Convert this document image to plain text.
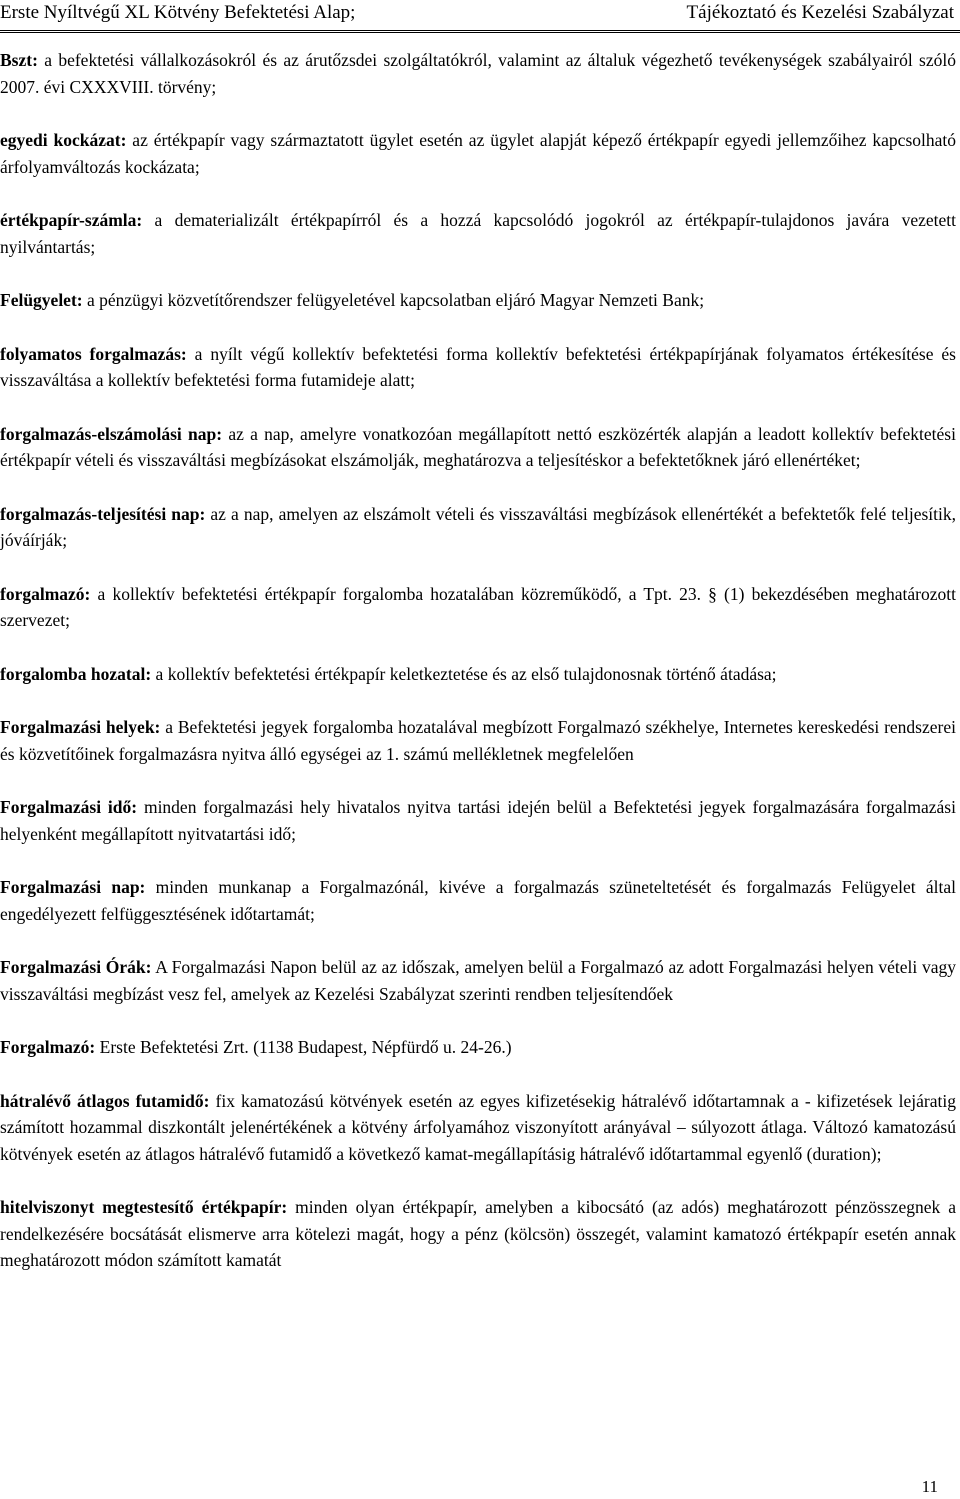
Erste Nyíltvégű XL Kötvény Befektetési Alap;	Tájékoztató és Kezelési Szabályzat

Bszt: a befektetési vállalkozásokról és az árutőzsdei szolgáltatókról, valamint az általuk végezhető tevékenységek szabályairól szóló 2007. évi CXXXVIII. törvény;

egyedi kockázat: az értékpapír vagy származtatott ügylet esetén az ügylet alapját képező értékpapír egyedi jellemzőihez kapcsolható árfolyamváltozás kockázata;

értékpapír-számla: a dematerializált értékpapírról és a hozzá kapcsolódó jogokról az értékpapír-tulajdonos javára vezetett nyilvántartás;

Felügyelet: a pénzügyi közvetítőrendszer felügyeletével kapcsolatban eljáró Magyar Nemzeti Bank;

folyamatos forgalmazás: a nyílt végű kollektív befektetési forma kollektív befektetési értékpapírjának folyamatos értékesítése és visszaváltása a kollektív befektetési forma futamideje alatt;

forgalmazás-elszámolási nap: az a nap, amelyre vonatkozóan megállapított nettó eszközérték alapján a leadott kollektív befektetési értékpapír vételi és visszaváltási megbízásokat elszámolják, meghatározva a teljesítéskor a befektetőknek járó ellenértéket;

forgalmazás-teljesítési nap: az a nap, amelyen az elszámolt vételi és visszaváltási megbízások ellenértékét a befektetők felé teljesítik, jóváírják;

forgalmazó: a kollektív befektetési értékpapír forgalomba hozatalában közreműködő, a Tpt. 23. § (1) bekezdésében meghatározott szervezet;

forgalomba hozatal: a kollektív befektetési értékpapír keletkeztetése és az első tulajdonosnak történő átadása;

Forgalmazási helyek: a Befektetési jegyek forgalomba hozatalával megbízott Forgalmazó székhelye, Internetes kereskedési rendszerei és közvetítőinek forgalmazásra nyitva álló egységei az 1. számú mellékletnek megfelelően

Forgalmazási idő: minden forgalmazási hely hivatalos nyitva tartási idején belül a Befektetési jegyek forgalmazására forgalmazási helyenként megállapított nyitvatartási idő;

Forgalmazási nap: minden munkanap a Forgalmazónál, kivéve a forgalmazás szüneteltetését és forgalmazás Felügyelet által engedélyezett felfüggesztésének időtartamát;

Forgalmazási Órák: A Forgalmazási Napon belül az az időszak, amelyen belül a Forgalmazó az adott Forgalmazási helyen vételi vagy visszaváltási megbízást vesz fel, amelyek az Kezelési Szabályzat szerinti rendben teljesítendőek

Forgalmazó: Erste Befektetési Zrt. (1138 Budapest, Népfürdő u. 24-26.)

hátralévő átlagos futamidő: fix kamatozású kötvények esetén az egyes kifizetésekig hátralévő időtartamnak a - kifizetések lejáratig számított hozammal diszkontált jelenértékének a kötvény árfolyamához viszonyított arányával – súlyozott átlaga. Változó kamatozású kötvények esetén az átlagos hátralévő futamidő a következő kamat-megállapításig hátralévő időtartammal egyenlő (duration);

hitelviszonyt megtestesítő értékpapír: minden olyan értékpapír, amelyben a kibocsátó (az adós) meghatározott pénzösszegnek a rendelkezésére bocsátását elismerve arra kötelezi magát, hogy a pénz (kölcsön) összegét, valamint kamatozó értékpapír esetén annak meghatározott módon számított kamatát

11
